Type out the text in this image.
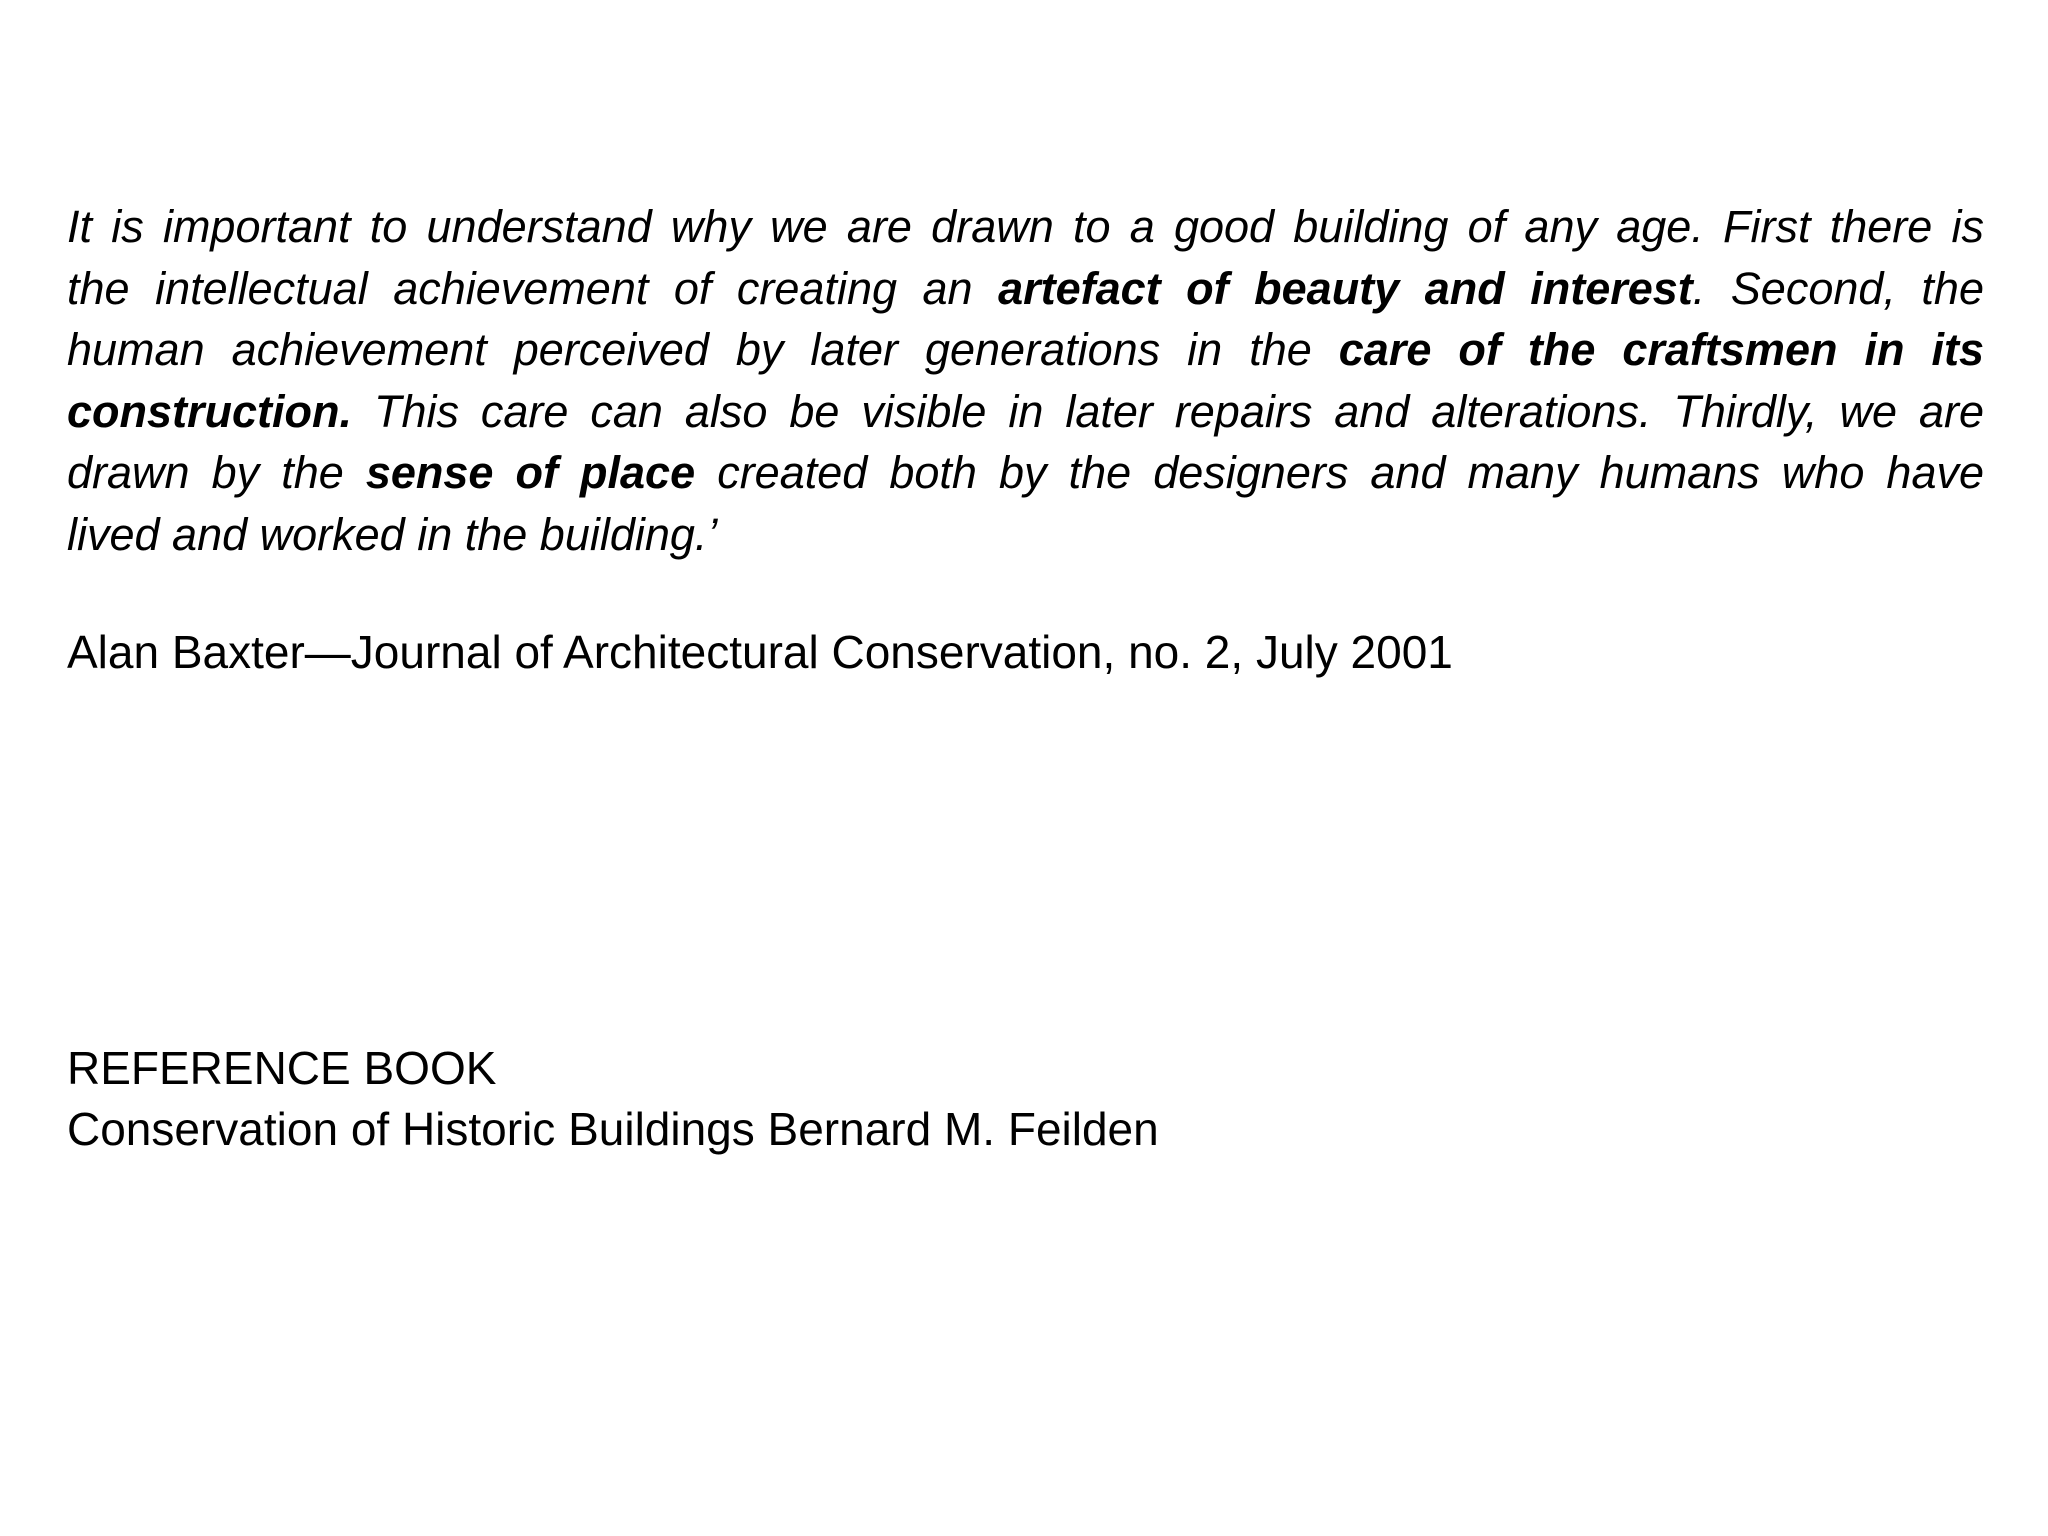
It is important to understand why we are drawn to a good building of any age. First there is
the intellectual achievement of creating an artefact of beauty and interest. Second, the
human achievement perceived by later generations in the care of the craftsmen in its
construction. This care can also be visible in later repairs and alterations. Thirdly, we are
drawn by the sense of place created both by the designers and many humans who have
lived and worked in the building.’
Alan Baxter—Journal of Architectural Conservation, no. 2, July 2001
REFERENCE BOOK
Conservation of Historic Buildings Bernard M. Feilden
